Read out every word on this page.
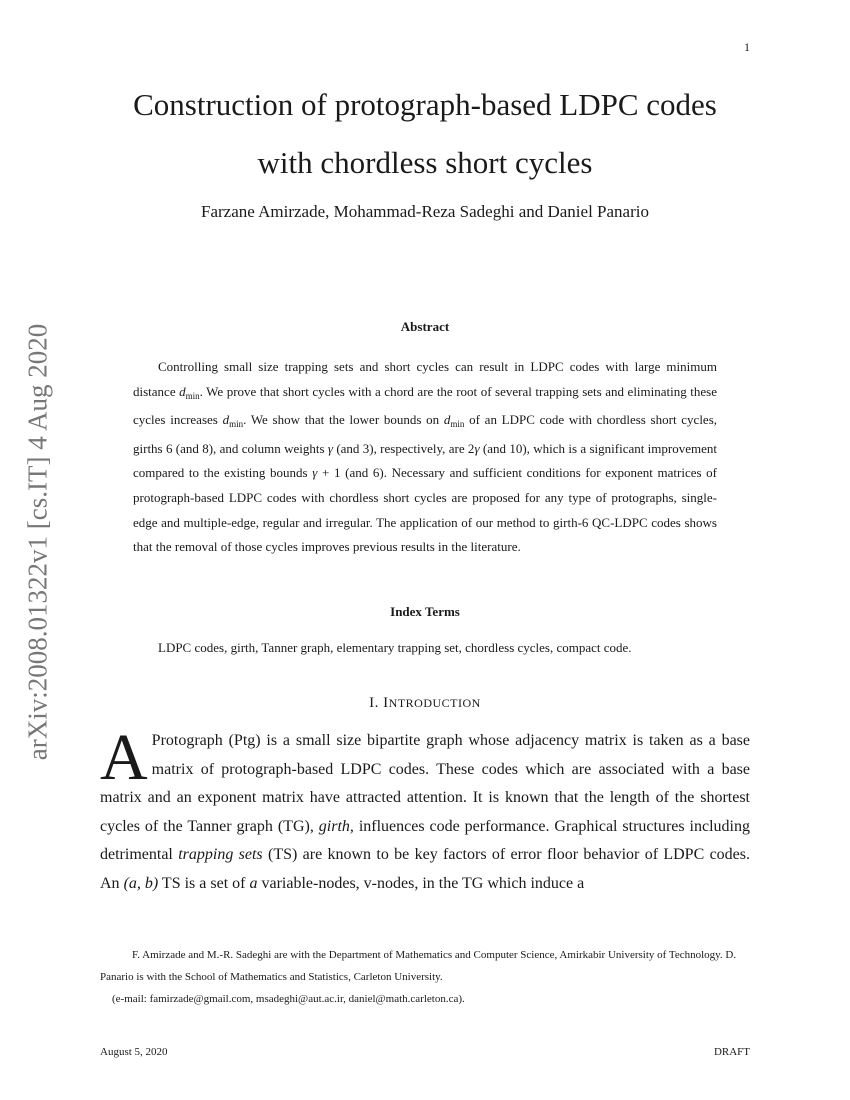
1
Construction of protograph-based LDPC codes
with chordless short cycles
Farzane Amirzade, Mohammad-Reza Sadeghi and Daniel Panario
arXiv:2008.01322v1 [cs.IT] 4 Aug 2020	Abstract
Controlling small size trapping sets and short cycles can result in LDPC codes with large minimum distance $d_{min}$. We prove that short cycles with a chord are the root of several trapping sets and eliminating these cycles increases $d_{min}$. We show that the lower bounds on $d_{min}$ of an LDPC code with chordless short cycles, girths 6 (and 8), and column weights γ (and 3), respectively, are 2γ (and 10), which is a significant improvement compared to the existing bounds γ + 1 (and 6). Necessary and sufficient conditions for exponent matrices of protograph-based LDPC codes with chordless short cycles are proposed for any type of protographs, single-edge and multiple-edge, regular and irregular. The application of our method to girth-6 QC-LDPC codes shows that the removal of those cycles improves previous results in the literature.
Index Terms
LDPC codes, girth, Tanner graph, elementary trapping set, chordless cycles, compact code.
I. INTRODUCTION
A Protograph (Ptg) is a small size bipartite graph whose adjacency matrix is taken as a base matrix of protograph-based LDPC codes. These codes which are associated with a base matrix and an exponent matrix have attracted attention. It is known that the length of the shortest cycles of the Tanner graph (TG), girth, influences code performance. Graphical structures including detrimental trapping sets (TS) are known to be key factors of error floor behavior of LDPC codes. An (a, b) TS is a set of a variable-nodes, v-nodes, in the TG which induce a

F. Amirzade and M.-R. Sadeghi are with the Department of Mathematics and Computer Science, Amirkabir University of Technology. D. Panario is with the School of Mathematics and Statistics, Carleton University.

(e-mail: famirzade@gmail.com, msadeghi@aut.ac.ir, daniel@math.carleton.ca).

August 5, 2020	DRAFT
